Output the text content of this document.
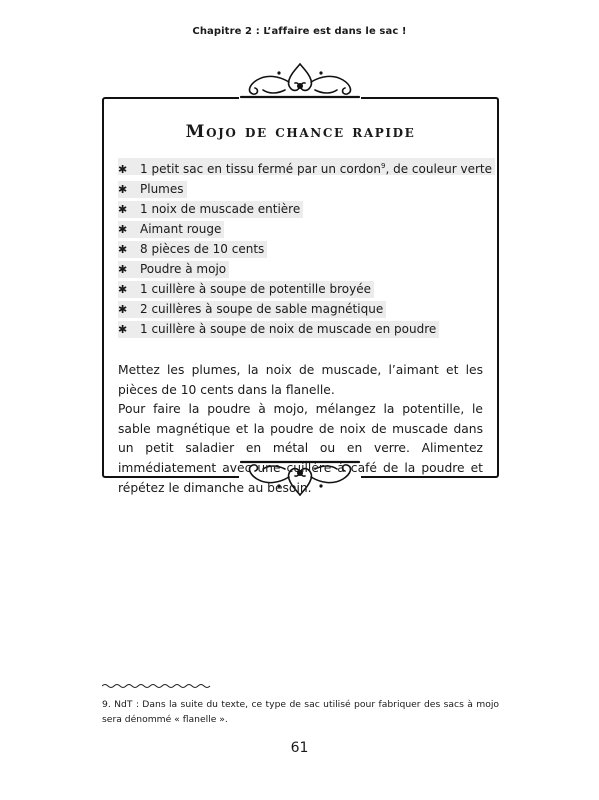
Chapitre 2 : L’affaire est dans le sac !
Mojo de chance rapide
✱ 1 petit sac en tissu fermé par un cordon$^9$, de couleur verte
✱ Plumes
✱ 1 noix de muscade entière
✱ Aimant rouge
✱ 8 pièces de 10 cents
✱ Poudre à mojo
✱ 1 cuillère à soupe de potentille broyée
✱ 2 cuillères à soupe de sable magnétique
✱ 1 cuillère à soupe de noix de muscade en poudre

Mettez les plumes, la noix de muscade, l’aimant et les pièces de 10 cents dans la flanelle.

Pour faire la poudre à mojo, mélangez la potentille, le sable magnétique et la poudre de noix de muscade dans un petit saladier en métal ou en verre. Alimentez immédiatement avec une cuillère à café de la poudre et répétez le dimanche au besoin.

9. NdT : Dans la suite du texte, ce type de sac utilisé pour fabriquer des sacs à mojo sera dénommé « flanelle ».
61
